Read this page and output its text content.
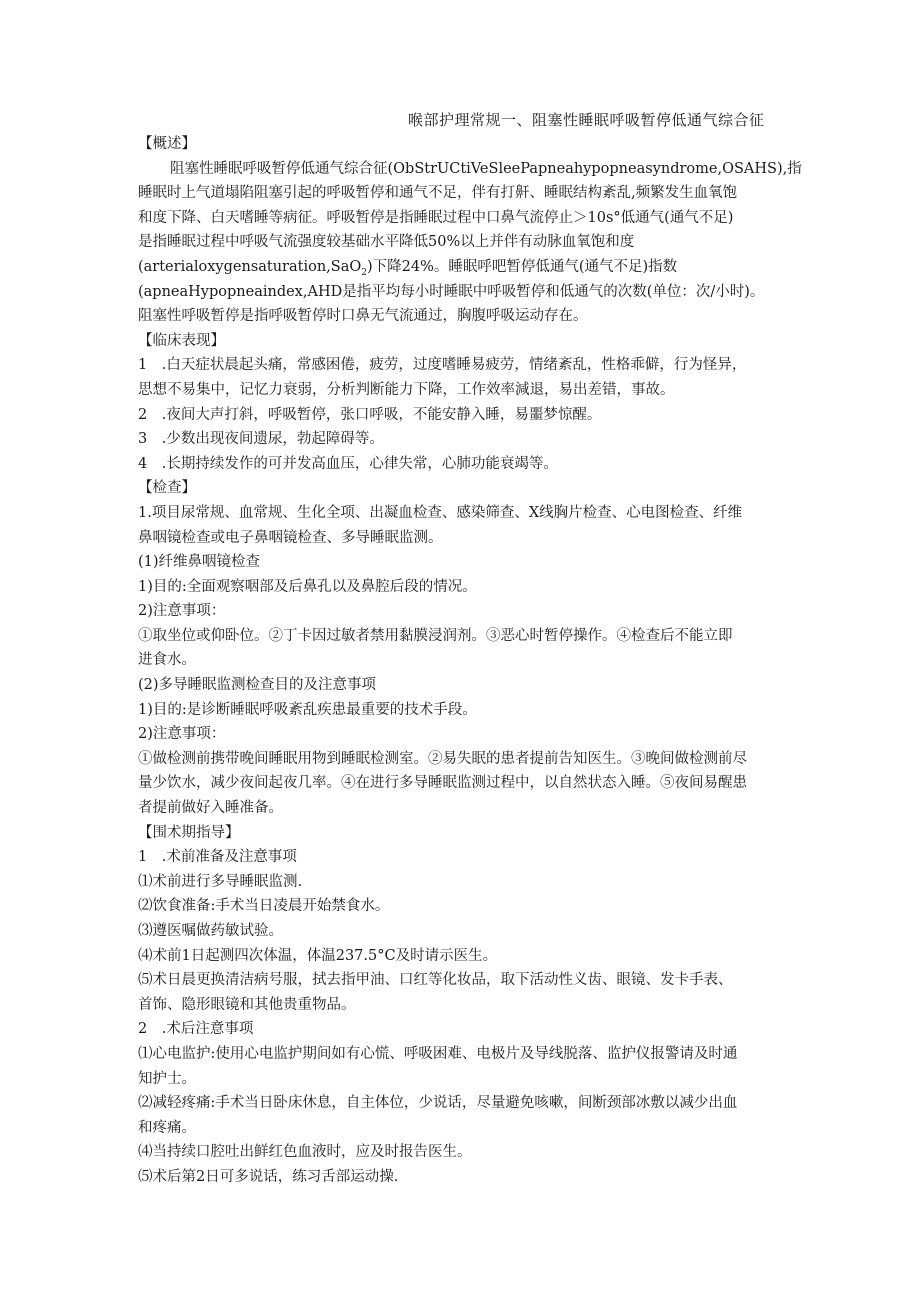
喉部护理常规一、阻塞性睡眠呼吸暂停低通气综合征
【概述】
阻塞性睡眠呼吸暂停低通气综合征(ObStrUCtiVeSleePapneahypopneasyndrome,OSAHS),指
睡眠时上气道塌陷阻塞引起的呼吸暂停和通气不足，伴有打鼾、睡眠结构紊乱,频繁发生血氧饱
和度下降、白天嗜睡等病征。呼吸暂停是指睡眠过程中口鼻气流停止＞10s°低通气(通气不足)
是指睡眠过程中呼吸气流强度较基础水平降低50%以上并伴有动脉血氧饱和度
(arterialoxygensaturation,SaO$_2$)下降24%。睡眠呼吧暂停低通气(通气不足)指数
(apneaHypopneaindex,AHD是指平均每小时睡眠中呼吸暂停和低通气的次数(单位：次/小时)。
阻塞性呼吸暂停是指呼吸暂停时口鼻无气流通过，胸腹呼吸运动存在。
【临床表现】
1　.白天症状晨起头痛，常感困倦，疲劳，过度嗜睡易疲劳，情绪紊乱，性格乖僻，行为怪异，
思想不易集中，记忆力衰弱，分析判断能力下降，工作效率減退，易出差错，事故。
2　.夜间大声打斜，呼吸暂停，张口呼吸，不能安静入睡，易噩梦惊醒。
3　.少数出现夜间遗尿，勃起障碍等。
4　.长期持续发作的可并发高血压，心律失常，心肺功能衰竭等。
【检查】
1.项目尿常规、血常规、生化全项、出凝血检查、感染筛查、X线胸片检查、心电图检查、纤维
鼻咽镜检查或电子鼻咽镜检查、多导睡眠监测。
(1)纤维鼻咽镜检查
1)目的:全面观察咽部及后鼻孔以及鼻腔后段的情况。
2)注意事项：
①取坐位或仰卧位。②丁卡因过敏者禁用黏膜浸润剂。③恶心时暂停操作。④检查后不能立即
进食水。
(2)多导睡眠监测检查目的及注意事项
1)目的:是诊断睡眠呼吸紊乱疾患最重要的技术手段。
2)注意事项：
①做检测前携带晚间睡眠用物到睡眠检测室。②易失眠的患者提前告知医生。③晚间做检测前尽
量少饮水，减少夜间起夜几率。④在进行多导睡眠监测过程中，以自然状态入睡。⑤夜间易醒患
者提前做好入睡准备。
【围术期指导】
1　.术前准备及注意事项
⑴术前进行多导睡眠监测.
⑵饮食准备:手术当日凌晨开始禁食水。
⑶遵医嘱做药敏试验。
⑷术前1日起测四次体温，体温237.5°C及时请示医生。
⑸术日晨更换清洁病号服，拭去指甲油、口红等化妆品，取下活动性义齿、眼镜、发卡手表、
首饰、隐形眼镜和其他贵重物品。
2　.术后注意事项
⑴心电监护:使用心电监护期间如有心慌、呼吸困难、电极片及导线脱落、监护仪报警请及时通
知护士。
⑵减轻疼痛:手术当日卧床休息，自主体位，少说话，尽量避免咳嗽，间断颈部冰敷以减少出血
和疼痛。
⑷当持续口腔吐出鲜红色血液时，应及时报告医生。
⑸术后第2日可多说话，练习舌部运动操.
